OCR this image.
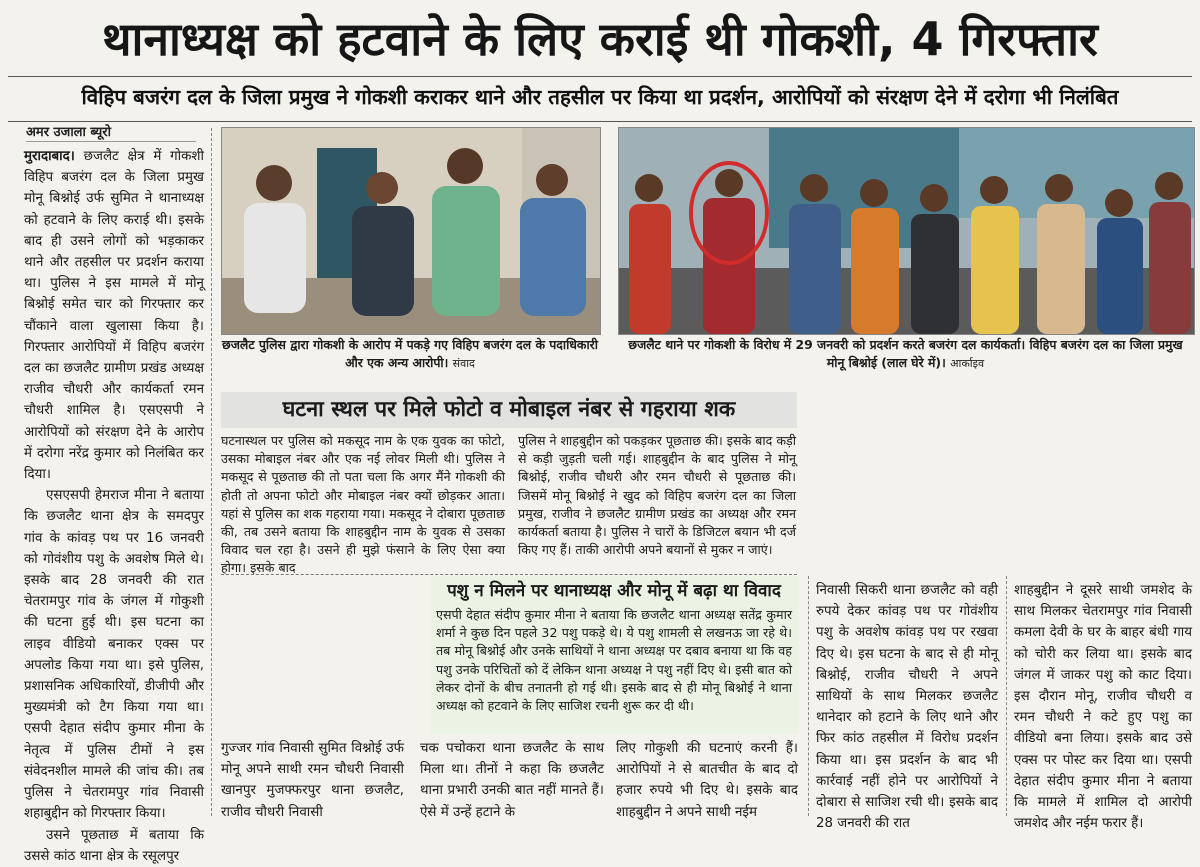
थानाध्यक्ष को हटवाने के लिए कराई थी गोकशी, 4 गिरफ्तार
विहिप बजरंग दल के जिला प्रमुख ने गोकशी कराकर थाने और तहसील पर किया था प्रदर्शन, आरोपियों को संरक्षण देने में दरोगा भी निलंबित
अमर उजाला ब्यूरो

मुरादाबाद। छजलैट क्षेत्र में गोकशी विहिप बजरंग दल के जिला प्रमुख मोनू बिश्नोई उर्फ सुमित ने थानाध्यक्ष को हटवाने के लिए कराई थी। इसके बाद ही उसने लोगों को भड़काकर थाने और तहसील पर प्रदर्शन कराया था। पुलिस ने इस मामले में मोनू बिश्नोई समेत चार को गिरफ्तार कर चौंकाने वाला खुलासा किया है। गिरफ्तार आरोपियों में विहिप बजरंग दल का छजलैट ग्रामीण प्रखंड अध्यक्ष राजीव चौधरी और कार्यकर्ता रमन चौधरी शामिल है। एसएसपी ने आरोपियों को संरक्षण देने के आरोप में दरोगा नरेंद्र कुमार को निलंबित कर दिया।

एसएसपी हेमराज मीना ने बताया कि छजलैट थाना क्षेत्र के समदपुर गांव के कांवड़ पथ पर 16 जनवरी को गोवंशीय पशु के अवशेष मिले थे। इसके बाद 28 जनवरी की रात चेतरामपुर गांव के जंगल में गोकुशी की घटना हुई थी। इस घटना का लाइव वीडियो बनाकर एक्स पर अपलोड किया गया था। इसे पुलिस, प्रशासनिक अधिकारियों, डीजीपी और मुख्यमंत्री को टैग किया गया था। एसपी देहात संदीप कुमार मीना के नेतृत्व में पुलिस टीमों ने इस संवेदनशील मामले की जांच की। तब पुलिस ने चेतरामपुर गांव निवासी शहाबुद्दीन को गिरफ्तार किया।

उसने पूछताछ में बताया कि उससे कांठ थाना क्षेत्र के रसूलपुर

छजलैट पुलिस द्वारा गोकशी के आरोप में पकड़े गए विहिप बजरंग दल के पदाधिकारी और एक अन्य आरोपी। संवाद
छजलैट थाने पर गोकशी के विरोध में 29 जनवरी को प्रदर्शन करते बजरंग दल कार्यकर्ता। विहिप बजरंग दल का जिला प्रमुख मोनू बिश्नोई (लाल घेरे में)। आर्काइव
घटना स्थल पर मिले फोटो व मोबाइल नंबर से गहराया शक
घटनास्थल पर पुलिस को मकसूद नाम के एक युवक का फोटो, उसका मोबाइल नंबर और एक नई लोवर मिली थी। पुलिस ने मकसूद से पूछताछ की तो पता चला कि अगर मैंने गोकशी की होती तो अपना फोटो और मोबाइल नंबर क्यों छोड़कर आता। यहां से पुलिस का शक गहराया गया। मकसूद ने दोबारा पूछताछ की, तब उसने बताया कि शाहबुद्दीन नाम के युवक से उसका विवाद चल रहा है। उसने ही मुझे फंसाने के लिए ऐसा क्या होगा। इसके बाद
पुलिस ने शाहबुद्दीन को पकड़कर पूछताछ की। इसके बाद कड़ी से कड़ी जुड़ती चली गई। शाहबुद्दीन के बाद पुलिस ने मोनू बिश्नोई, राजीव चौधरी और रमन चौधरी से पूछताछ की। जिसमें मोनू बिश्नोई ने खुद को विहिप बजरंग दल का जिला प्रमुख, राजीव ने छजलैट ग्रामीण प्रखंड का अध्यक्ष और रमन कार्यकर्ता बताया है। पुलिस ने चारों के डिजिटल बयान भी दर्ज किए गए हैं। ताकी आरोपी अपने बयानों से मुकर न जाएं।
पशु न मिलने पर थानाध्यक्ष और मोनू में बढ़ा था विवाद
एसपी देहात संदीप कुमार मीना ने बताया कि छजलैट थाना अध्यक्ष सतेंद्र कुमार शर्मा ने कुछ दिन पहले 32 पशु पकड़े थे। ये पशु शामली से लखनऊ जा रहे थे। तब मोनू बिश्नोई और उनके साथियों ने थाना अध्यक्ष पर दबाव बनाया था कि वह पशु उनके परिचितों को दें लेकिन थाना अध्यक्ष ने पशु नहीं दिए थे। इसी बात को लेकर दोनों के बीच तनातनी हो गई थी। इसके बाद से ही मोनू बिश्नोई ने थाना अध्यक्ष को हटवाने के लिए साजिश रचनी शुरू कर दी थी।
गुज्जर गांव निवासी सुमित विश्नोई उर्फ मोनू अपने साथी रमन चौधरी निवासी खानपुर मुजफ्फरपुर थाना छजलैट, राजीव चौधरी निवासी
चक पचोकरा थाना छजलैट के साथ मिला था। तीनों ने कहा कि छजलैट थाना प्रभारी उनकी बात नहीं मानते हैं। ऐसे में उन्हें हटाने के
लिए गोकुशी की घटनाएं करनी हैं। आरोपियों ने से बातचीत के बाद दो हजार रुपये भी दिए थे। इसके बाद शाहबुद्दीन ने अपने साथी नईम
निवासी सिकरी थाना छजलैट को वही रुपये देकर कांवड़ पथ पर गोवंशीय पशु के अवशेष कांवड़ पथ पर रखवा दिए थे। इस घटना के बाद से ही मोनू बिश्नोई, राजीव चौधरी ने अपने साथियों के साथ मिलकर छजलैट थानेदार को हटाने के लिए थाने और फिर कांठ तहसील में विरोध प्रदर्शन किया था। इस प्रदर्शन के बाद भी कार्रवाई नहीं होने पर आरोपियों ने दोबारा से साजिश रची थी। इसके बाद 28 जनवरी की रात
शाहबुद्दीन ने दूसरे साथी जमशेद के साथ मिलकर चेतरामपुर गांव निवासी कमला देवी के घर के बाहर बंधी गाय को चोरी कर लिया था। इसके बाद जंगल में जाकर पशु को काट दिया। इस दौरान मोनू, राजीव चौधरी व रमन चौधरी ने कटे हुए पशु का वीडियो बना लिया। इसके बाद उसे एक्स पर पोस्ट कर दिया था। एसपी देहात संदीप कुमार मीना ने बताया कि मामले में शामिल दो आरोपी जमशेद और नईम फरार हैं।
